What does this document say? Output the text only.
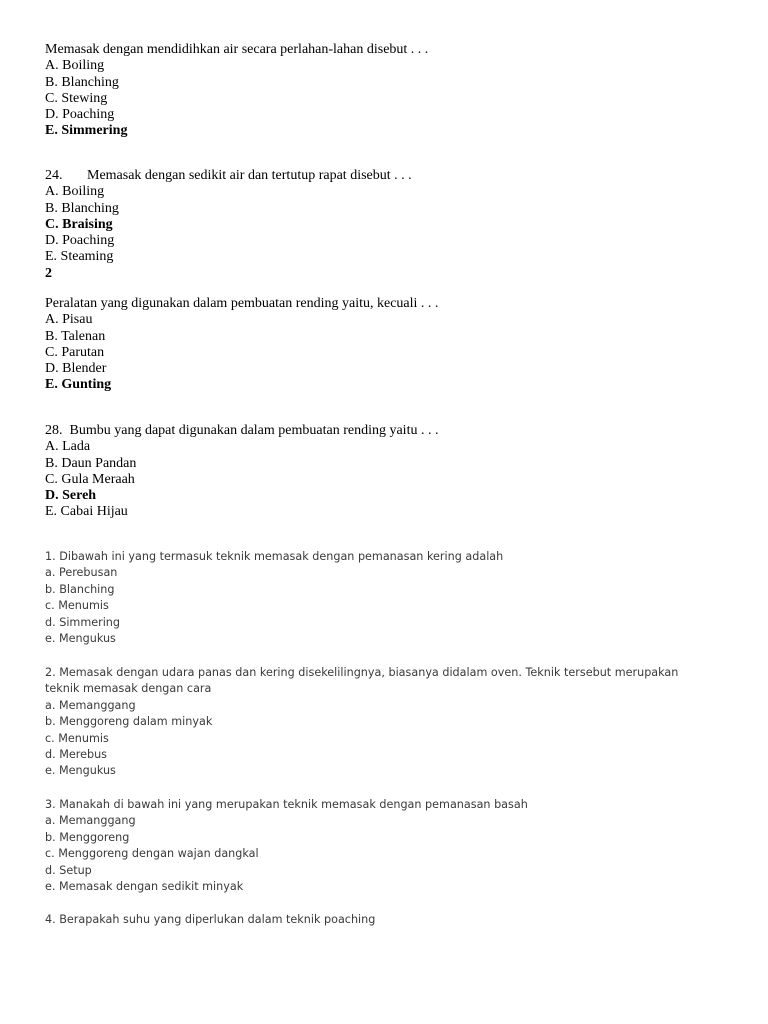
Memasak dengan mendidihkan air secara perlahan-lahan disebut . . .
A. Boiling
B. Blanching
C. Stewing
D. Poaching
E. Simmering
24. Memasak dengan sedikit air dan tertutup rapat disebut . . .
A. Boiling
B. Blanching
C. Braising
D. Poaching
E. Steaming
2
Peralatan yang digunakan dalam pembuatan rending yaitu, kecuali . . .
A. Pisau
B. Talenan
C. Parutan
D. Blender
E. Gunting
28.  Bumbu yang dapat digunakan dalam pembuatan rending yaitu . . .
A. Lada
B. Daun Pandan
C. Gula Meraah
D. Sereh
E. Cabai Hijau
1. Dibawah ini yang termasuk teknik memasak dengan pemanasan kering adalah
a. Perebusan
b. Blanching
c. Menumis
d. Simmering
e. Mengukus
2. Memasak dengan udara panas dan kering disekelilingnya, biasanya didalam oven. Teknik tersebut merupakan teknik memasak dengan cara
a. Memanggang
b. Menggoreng dalam minyak
c. Menumis
d. Merebus
e. Mengukus
3. Manakah di bawah ini yang merupakan teknik memasak dengan pemanasan basah
a. Memanggang
b. Menggoreng
c. Menggoreng dengan wajan dangkal
d. Setup
e. Memasak dengan sedikit minyak
4. Berapakah suhu yang diperlukan dalam teknik poaching
